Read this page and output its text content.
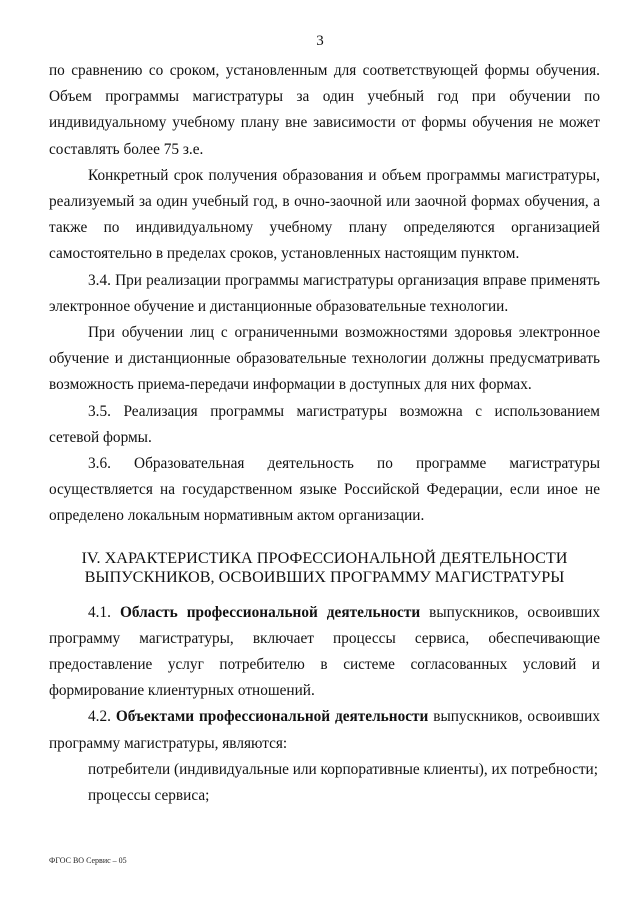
3

по сравнению со сроком, установленным для соответствующей формы обучения. Объем программы магистратуры за один учебный год при обучении по индивидуальному учебному плану вне зависимости от формы обучения не может составлять более 75 з.е.

Конкретный срок получения образования и объем программы магистратуры, реализуемый за один учебный год, в очно-заочной или заочной формах обучения, а также по индивидуальному учебному плану определяются организацией самостоятельно в пределах сроков, установленных настоящим пунктом.

3.4. При реализации программы магистратуры организация вправе применять электронное обучение и дистанционные образовательные технологии.

При обучении лиц с ограниченными возможностями здоровья электронное обучение и дистанционные образовательные технологии должны предусматривать возможность приема-передачи информации в доступных для них формах.

3.5. Реализация программы магистратуры возможна с использованием сетевой формы.

3.6. Образовательная деятельность по программе магистратуры осуществляется на государственном языке Российской Федерации, если иное не определено локальным нормативным актом организации.

IV. ХАРАКТЕРИСТИКА ПРОФЕССИОНАЛЬНОЙ ДЕЯТЕЛЬНОСТИ
ВЫПУСКНИКОВ, ОСВОИВШИХ ПРОГРАММУ МАГИСТРАТУРЫ

4.1. Область профессиональной деятельности выпускников, освоивших программу магистратуры, включает процессы сервиса, обеспечивающие предоставление услуг потребителю в системе согласованных условий и формирование клиентурных отношений.

4.2. Объектами профессиональной деятельности выпускников, освоивших программу магистратуры, являются:

потребители (индивидуальные или корпоративные клиенты), их потребности;

процессы сервиса;

ФГОС ВО Сервис – 05
